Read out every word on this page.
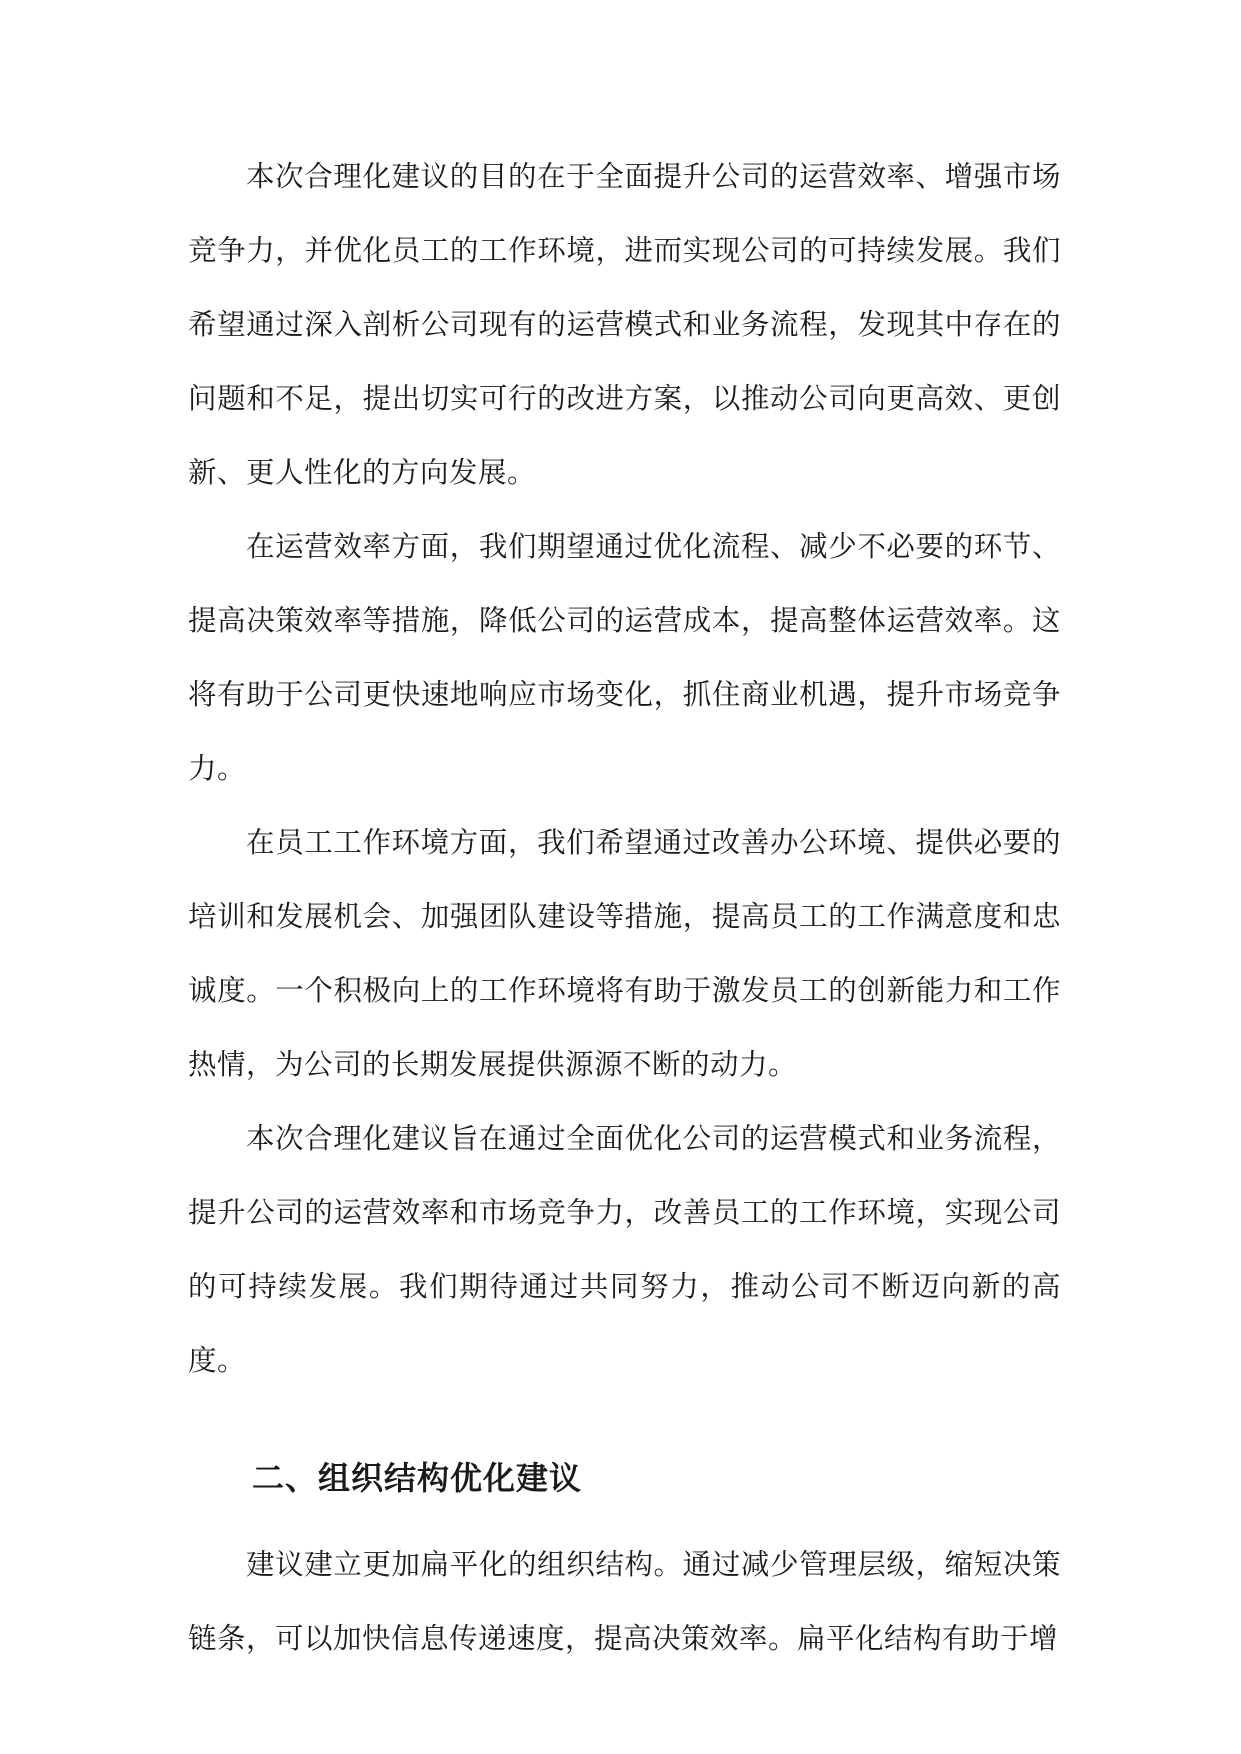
本次合理化建议的目的在于全面提升公司的运营效率、增强市场竞争力，并优化员工的工作环境，进而实现公司的可持续发展。我们希望通过深入剖析公司现有的运营模式和业务流程，发现其中存在的问题和不足，提出切实可行的改进方案，以推动公司向更高效、更创新、更人性化的方向发展。

在运营效率方面，我们期望通过优化流程、减少不必要的环节、提高决策效率等措施，降低公司的运营成本，提高整体运营效率。这将有助于公司更快速地响应市场变化，抓住商业机遇，提升市场竞争力。

在员工工作环境方面，我们希望通过改善办公环境、提供必要的培训和发展机会、加强团队建设等措施，提高员工的工作满意度和忠诚度。一个积极向上的工作环境将有助于激发员工的创新能力和工作热情，为公司的长期发展提供源源不断的动力。

本次合理化建议旨在通过全面优化公司的运营模式和业务流程，提升公司的运营效率和市场竞争力，改善员工的工作环境，实现公司的可持续发展。我们期待通过共同努力，推动公司不断迈向新的高度。

二、组织结构优化建议

建议建立更加扁平化的组织结构。通过减少管理层级，缩短决策链条，可以加快信息传递速度，提高决策效率。扁平化结构有助于增
